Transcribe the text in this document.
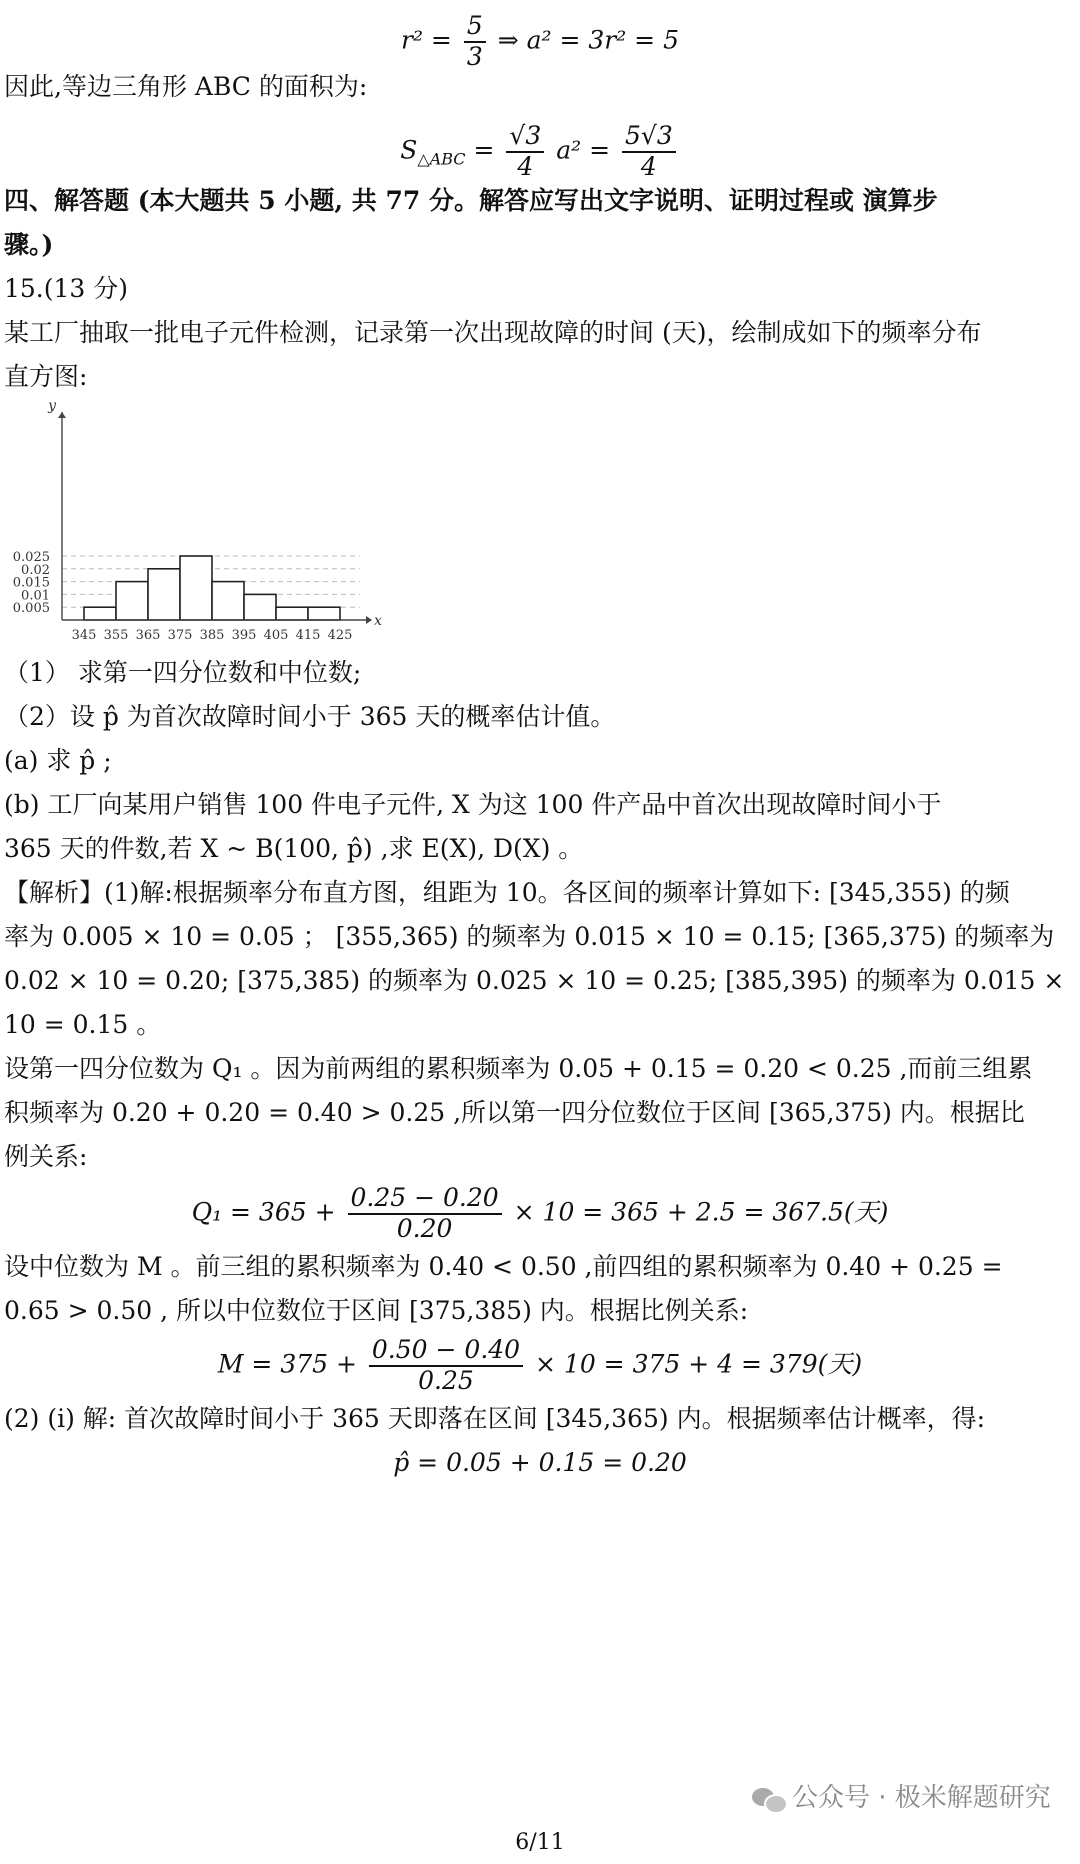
$r^2 = \frac{5}{3}$ ⇒ a² = 3r² = 5
因此,等边三角形 ABC 的面积为:
$S_{\triangle ABC} = \frac{√3}{4} a^2 = \frac{5√3}{4}$
四、解答题 (本大题共 5 小题, 共 77 分。解答应写出文字说明、证明过程或 演算步
骤。)
15.(13 分)
某工厂抽取一批电子元件检测，记录第一次出现故障的时间 (天)，绘制成如下的频率分布
直方图:
0.005
0.01
0.015
0.02
0.025
345 355 365 375 385 395 405 415 425
x
y
（1） 求第一四分位数和中位数;
（2）设 p̂ 为首次故障时间小于 365 天的概率估计值。
(a) 求 p̂ ;
(b) 工厂向某用户销售 100 件电子元件, X 为这 100 件产品中首次出现故障时间小于
365 天的件数,若 X ~ B(100, p̂) ,求 E(X), D(X) 。
【解析】(1)解:根据频率分布直方图，组距为 10。各区间的频率计算如下: [345,355) 的频
率为 0.005 × 10 = 0.05 ； [355,365) 的频率为 0.015 × 10 = 0.15; [365,375) 的频率为
0.02 × 10 = 0.20; [375,385) 的频率为 0.025 × 10 = 0.25; [385,395) 的频率为 0.015 ×
10 = 0.15 。
设第一四分位数为 Q₁ 。因为前两组的累积频率为 0.05 + 0.15 = 0.20 < 0.25 ,而前三组累
积频率为 0.20 + 0.20 = 0.40 > 0.25 ,所以第一四分位数位于区间 [365,375) 内。根据比
例关系:
$Q_1 = 365 + \frac{0.25 - 0.20}{0.20} \times 10 = 365 + 2.5 = 367.5$(天)
设中位数为 M 。前三组的累积频率为 0.40 < 0.50 ,前四组的累积频率为 0.40 + 0.25 =
0.65 > 0.50 , 所以中位数位于区间 [375,385) 内。根据比例关系:
$M = 375 + \frac{0.50 - 0.40}{0.25} \times 10 = 375 + 4 = 379$(天)
(2) (i) 解: 首次故障时间小于 365 天即落在区间 [345,365) 内。根据频率估计概率，得:
p̂ = 0.05 + 0.15 = 0.20
公众号 · 极米解题研究
6/11
